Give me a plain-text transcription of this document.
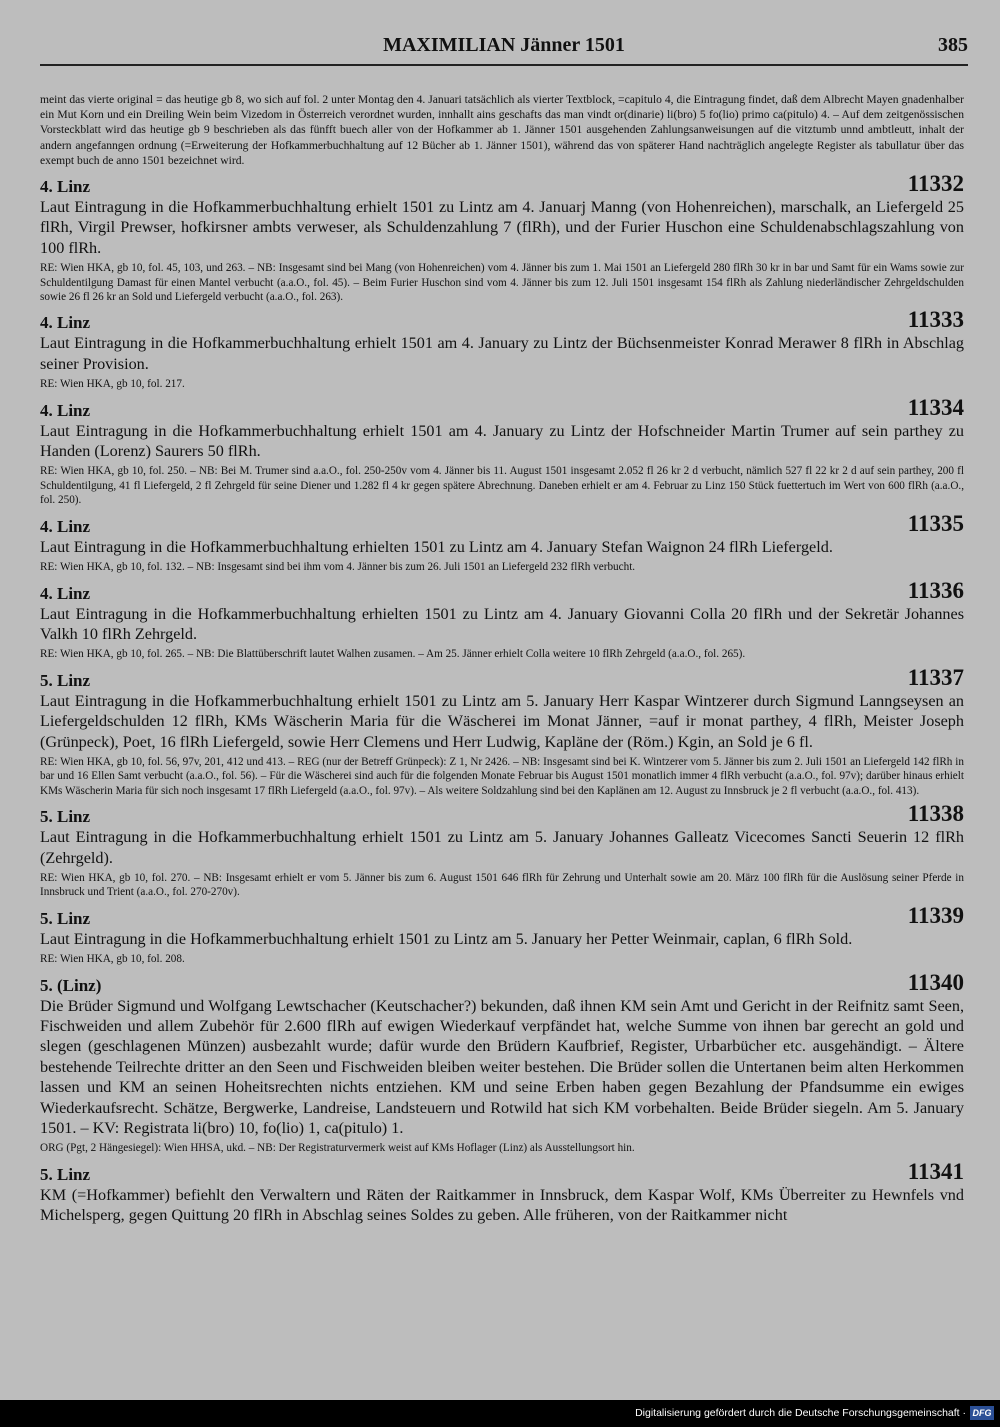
MAXIMILIAN Jänner 1501	385

meint das vierte original = das heutige gb 8, wo sich auf fol. 2 unter Montag den 4. Januari tatsächlich als vierter Textblock, =capitulo 4, die Eintragung findet, daß dem Albrecht Mayen gnadenhalber ein Mut Korn und ein Dreiling Wein beim Vizedom in Österreich verordnet wurden, innhallt ains geschafts das man vindt or(dinarie) li(bro) 5 fo(lio) primo ca(pitulo) 4. – Auf dem zeitgenössischen Vorsteckblatt wird das heutige gb 9 beschrieben als das fünfft buech aller von der Hofkammer ab 1. Jänner 1501 ausgehenden Zahlungsanweisungen auf die vitztumb unnd ambtleutt, inhalt der andern angefanngen ordnung (=Erweiterung der Hofkammerbuchhaltung auf 12 Bücher ab 1. Jänner 1501), während das von späterer Hand nachträglich angelegte Register als tabullatur über das exempt buch de anno 1501 bezeichnet wird.

4. Linz	11332

Laut Eintragung in die Hofkammerbuchhaltung erhielt 1501 zu Lintz am 4. Januarj Manng (von Hohenreichen), marschalk, an Liefergeld 25 flRh, Virgil Prewser, hofkirsner ambts verweser, als Schuldenzahlung 7 (flRh), und der Furier Huschon eine Schuldenabschlagszahlung von 100 flRh.

RE: Wien HKA, gb 10, fol. 45, 103, und 263. – NB: Insgesamt sind bei Mang (von Hohenreichen) vom 4. Jänner bis zum 1. Mai 1501 an Liefergeld 280 flRh 30 kr in bar und Samt für ein Wams sowie zur Schuldentilgung Damast für einen Mantel verbucht (a.a.O., fol. 45). – Beim Furier Huschon sind vom 4. Jänner bis zum 12. Juli 1501 insgesamt 154 flRh als Zahlung niederländischer Zehrgeldschulden sowie 26 fl 26 kr an Sold und Liefergeld verbucht (a.a.O., fol. 263).

4. Linz	11333

Laut Eintragung in die Hofkammerbuchhaltung erhielt 1501 am 4. January zu Lintz der Büchsenmeister Konrad Merawer 8 flRh in Abschlag seiner Provision.

RE: Wien HKA, gb 10, fol. 217.

4. Linz	11334

Laut Eintragung in die Hofkammerbuchhaltung erhielt 1501 am 4. January zu Lintz der Hofschneider Martin Trumer auf sein parthey zu Handen (Lorenz) Saurers 50 flRh.

RE: Wien HKA, gb 10, fol. 250. – NB: Bei M. Trumer sind a.a.O., fol. 250-250v vom 4. Jänner bis 11. August 1501 insgesamt 2.052 fl 26 kr 2 d verbucht, nämlich 527 fl 22 kr 2 d auf sein parthey, 200 fl Schuldentilgung, 41 fl Liefergeld, 2 fl Zehrgeld für seine Diener und 1.282 fl 4 kr gegen spätere Abrechnung. Daneben erhielt er am 4. Februar zu Linz 150 Stück fuettertuch im Wert von 600 flRh (a.a.O., fol. 250).

4. Linz	11335

Laut Eintragung in die Hofkammerbuchhaltung erhielten 1501 zu Lintz am 4. January Stefan Waignon 24 flRh Liefergeld.

RE: Wien HKA, gb 10, fol. 132. – NB: Insgesamt sind bei ihm vom 4. Jänner bis zum 26. Juli 1501 an Liefergeld 232 flRh verbucht.

4. Linz	11336

Laut Eintragung in die Hofkammerbuchhaltung erhielten 1501 zu Lintz am 4. January Giovanni Colla 20 flRh und der Sekretär Johannes Valkh 10 flRh Zehrgeld.

RE: Wien HKA, gb 10, fol. 265. – NB: Die Blattüberschrift lautet Walhen zusamen. – Am 25. Jänner erhielt Colla weitere 10 flRh Zehrgeld (a.a.O., fol. 265).

5. Linz	11337

Laut Eintragung in die Hofkammerbuchhaltung erhielt 1501 zu Lintz am 5. January Herr Kaspar Wintzerer durch Sigmund Lanngseysen an Liefergeldschulden 12 flRh, KMs Wäscherin Maria für die Wäscherei im Monat Jänner, =auf ir monat parthey, 4 flRh, Meister Joseph (Grünpeck), Poet, 16 flRh Liefergeld, sowie Herr Clemens und Herr Ludwig, Kapläne der (Röm.) Kgin, an Sold je 6 fl.

RE: Wien HKA, gb 10, fol. 56, 97v, 201, 412 und 413. – REG (nur der Betreff Grünpeck): Z 1, Nr 2426. – NB: Insgesamt sind bei K. Wintzerer vom 5. Jänner bis zum 2. Juli 1501 an Liefergeld 142 flRh in bar und 16 Ellen Samt verbucht (a.a.O., fol. 56). – Für die Wäscherei sind auch für die folgenden Monate Februar bis August 1501 monatlich immer 4 flRh verbucht (a.a.O., fol. 97v); darüber hinaus erhielt KMs Wäscherin Maria für sich noch insgesamt 17 flRh Liefergeld (a.a.O., fol. 97v). – Als weitere Soldzahlung sind bei den Kaplänen am 12. August zu Innsbruck je 2 fl verbucht (a.a.O., fol. 413).

5. Linz	11338

Laut Eintragung in die Hofkammerbuchhaltung erhielt 1501 zu Lintz am 5. January Johannes Galleatz Vicecomes Sancti Seuerin 12 flRh (Zehrgeld).

RE: Wien HKA, gb 10, fol. 270. – NB: Insgesamt erhielt er vom 5. Jänner bis zum 6. August 1501 646 flRh für Zehrung und Unterhalt sowie am 20. März 100 flRh für die Auslösung seiner Pferde in Innsbruck und Trient (a.a.O., fol. 270-270v).

5. Linz	11339

Laut Eintragung in die Hofkammerbuchhaltung erhielt 1501 zu Lintz am 5. January her Petter Weinmair, caplan, 6 flRh Sold.

RE: Wien HKA, gb 10, fol. 208.

5. (Linz)	11340

Die Brüder Sigmund und Wolfgang Lewtschacher (Keutschacher?) bekunden, daß ihnen KM sein Amt und Gericht in der Reifnitz samt Seen, Fischweiden und allem Zubehör für 2.600 flRh auf ewigen Wiederkauf verpfändet hat, welche Summe von ihnen bar gerecht an gold und slegen (geschlagenen Münzen) ausbezahlt wurde; dafür wurde den Brüdern Kaufbrief, Register, Urbarbücher etc. ausgehändigt. – Ältere bestehende Teilrechte dritter an den Seen und Fischweiden bleiben weiter bestehen. Die Brüder sollen die Untertanen beim alten Herkommen lassen und KM an seinen Hoheitsrechten nichts entziehen. KM und seine Erben haben gegen Bezahlung der Pfandsumme ein ewiges Wiederkaufsrecht. Schätze, Bergwerke, Landreise, Landsteuern und Rotwild hat sich KM vorbehalten. Beide Brüder siegeln. Am 5. January 1501. – KV: Registrata li(bro) 10, fo(lio) 1, ca(pitulo) 1.

ORG (Pgt, 2 Hängesiegel): Wien HHSA, ukd. – NB: Der Registraturvermerk weist auf KMs Hoflager (Linz) als Ausstellungsort hin.

5. Linz	11341

KM (=Hofkammer) befiehlt den Verwaltern und Räten der Raitkammer in Innsbruck, dem Kaspar Wolf, KMs Überreiter zu Hewnfels vnd Michelsperg, gegen Quittung 20 flRh in Abschlag seines Soldes zu geben. Alle früheren, von der Raitkammer nicht

Digitalisierung gefördert durch die Deutsche Forschungsgemeinschaft · DFG
